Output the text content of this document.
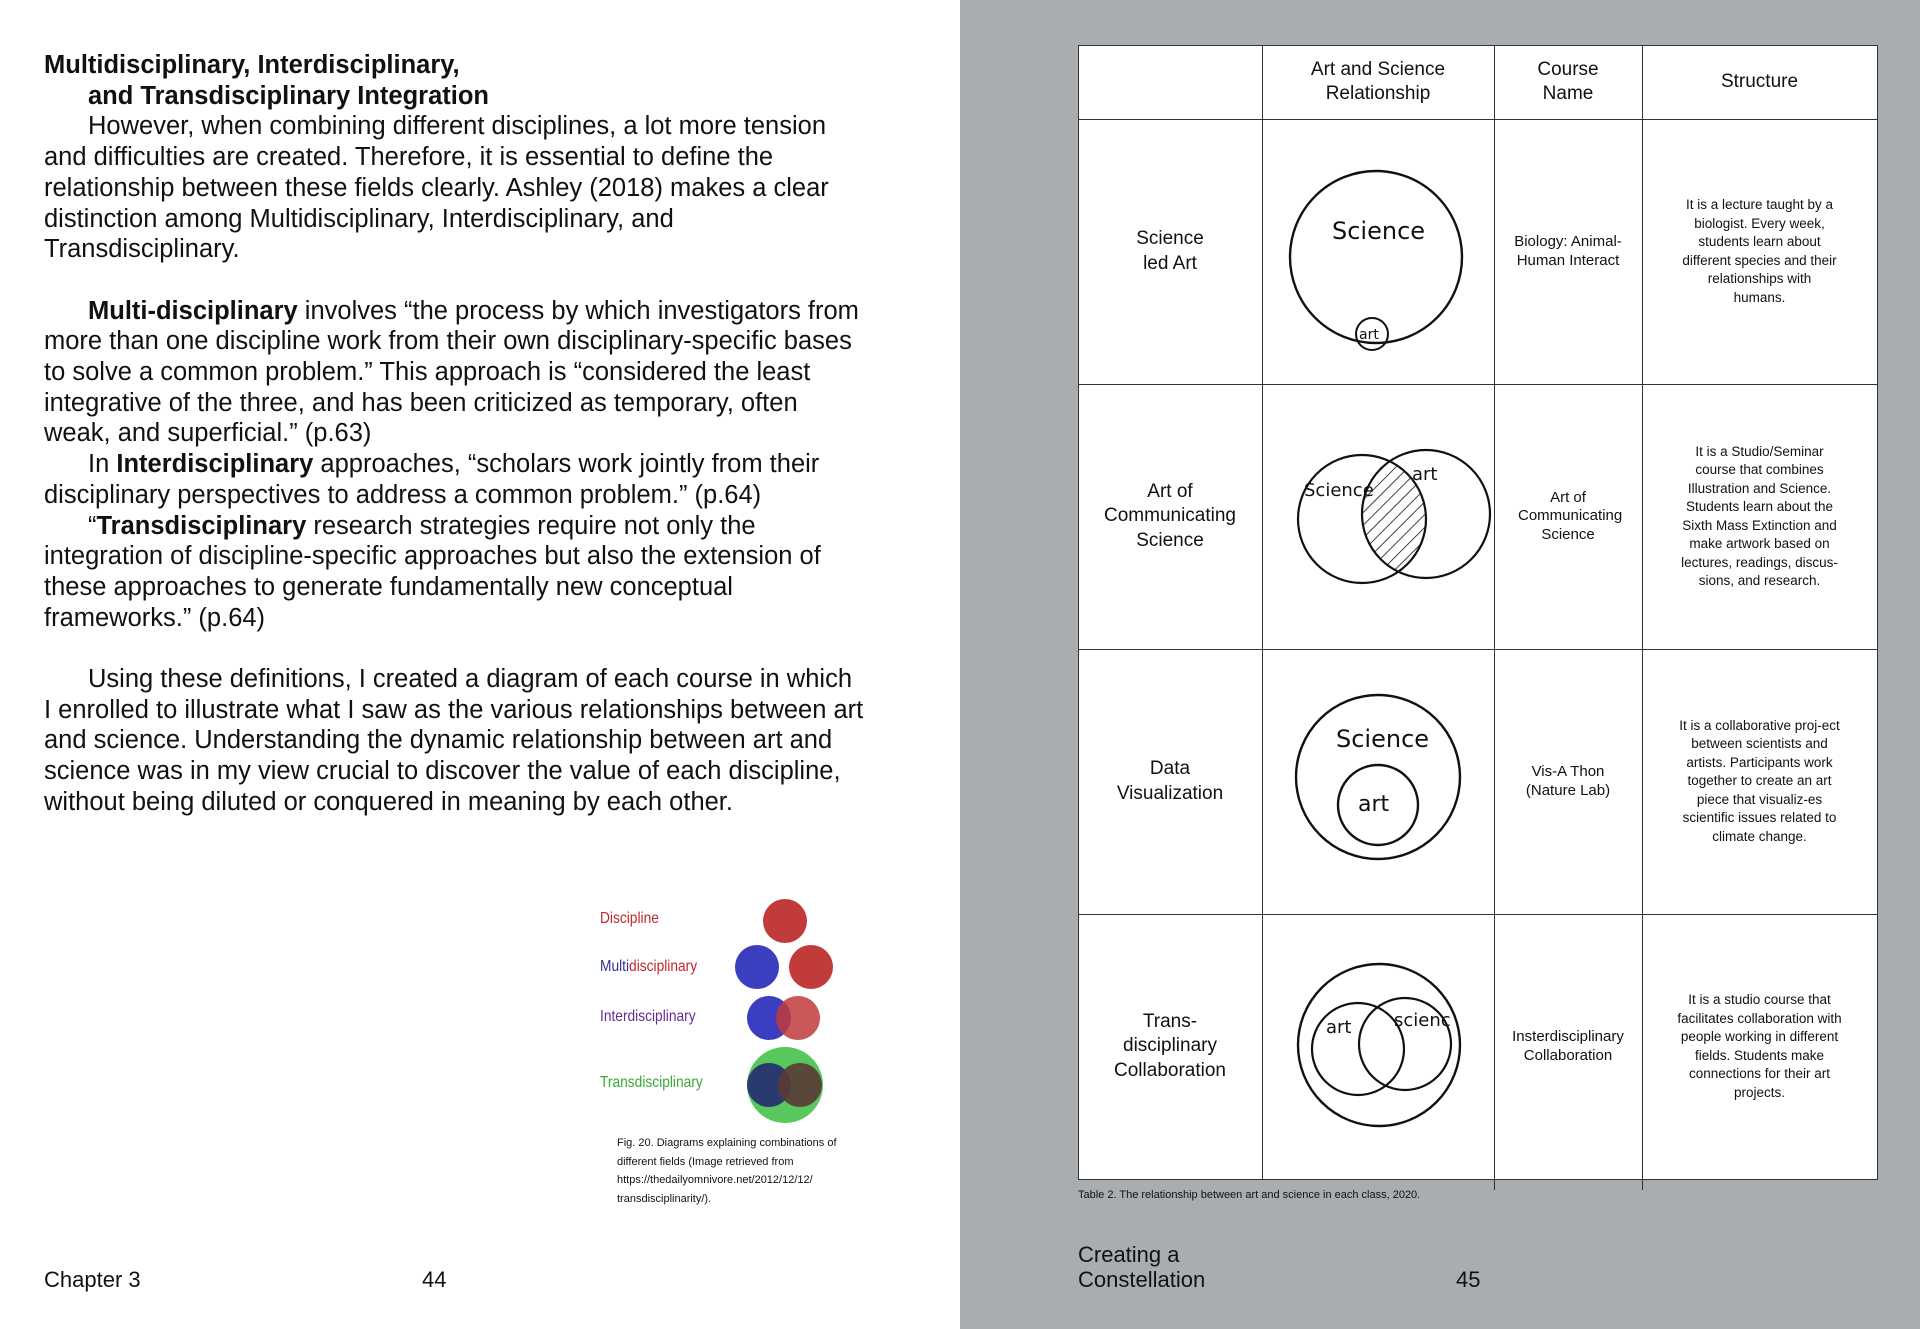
Multidisciplinary, Interdisciplinary,

and Transdisciplinary Integration

However, when combining different disciplines, a lot more tension and difficulties are created. Therefore, it is essential to define the relationship between these fields clearly. Ashley (2018) makes a clear distinction among Multidisciplinary, Interdisciplinary, and Transdisciplinary.

Multi-disciplinary involves “the process by which investigators from more than one discipline work from their own disciplinary-specific bases to solve a common problem.” This approach is “considered the least integrative of the three, and has been criticized as temporary, often weak, and superficial.” (p.63)

In Interdisciplinary approaches, “scholars work jointly from their disciplinary perspectives to address a common problem.” (p.64)

“Transdisciplinary research strategies require not only the integration of discipline-specific approaches but also the extension of these approaches to generate fundamentally new conceptual frameworks.” (p.64)

Using these definitions, I created a diagram of each course in which I enrolled to illustrate what I saw as the various relationships between art and science. Understanding the dynamic relationship between art and science was in my view crucial to discover the value of each discipline, without being diluted or conquered in meaning by each other.

Discipline
Multidisciplinary
Interdisciplinary
Transdisciplinary
Fig. 20. Diagrams explaining combinations of different fields (Image retrieved from https://thedailyomnivore.net/2012/12/12/ transdisciplinarity/).
Chapter 3	44
Art and Science Relationship
Course Name
Structure
Science led Art
Science
art
Biology: Animal-Human Interact
It is a lecture taught by a biologist. Every week, students learn about different species and their relationships with humans.
Art of Communicating Science
Science
art
Art of Communicating Science
It is a Studio/Seminar course that combines Illustration and Science. Students learn about the Sixth Mass Extinction and make artwork based on lectures, readings, discus-sions, and research.
Data Visualization
Science
art
Vis-A Thon (Nature Lab)
It is a collaborative proj-ect between scientists and artists. Participants work together to create an art piece that visualiz-es scientific issues related to climate change.
Trans-disciplinary Collaboration
art scienc
Insterdisciplinary Collaboration
It is a studio course that facilitates collaboration with people working in different fields. Students make connections for their art projects.
Table 2. The relationship between art and science in each class, 2020.
Creating a
Constellation	45
